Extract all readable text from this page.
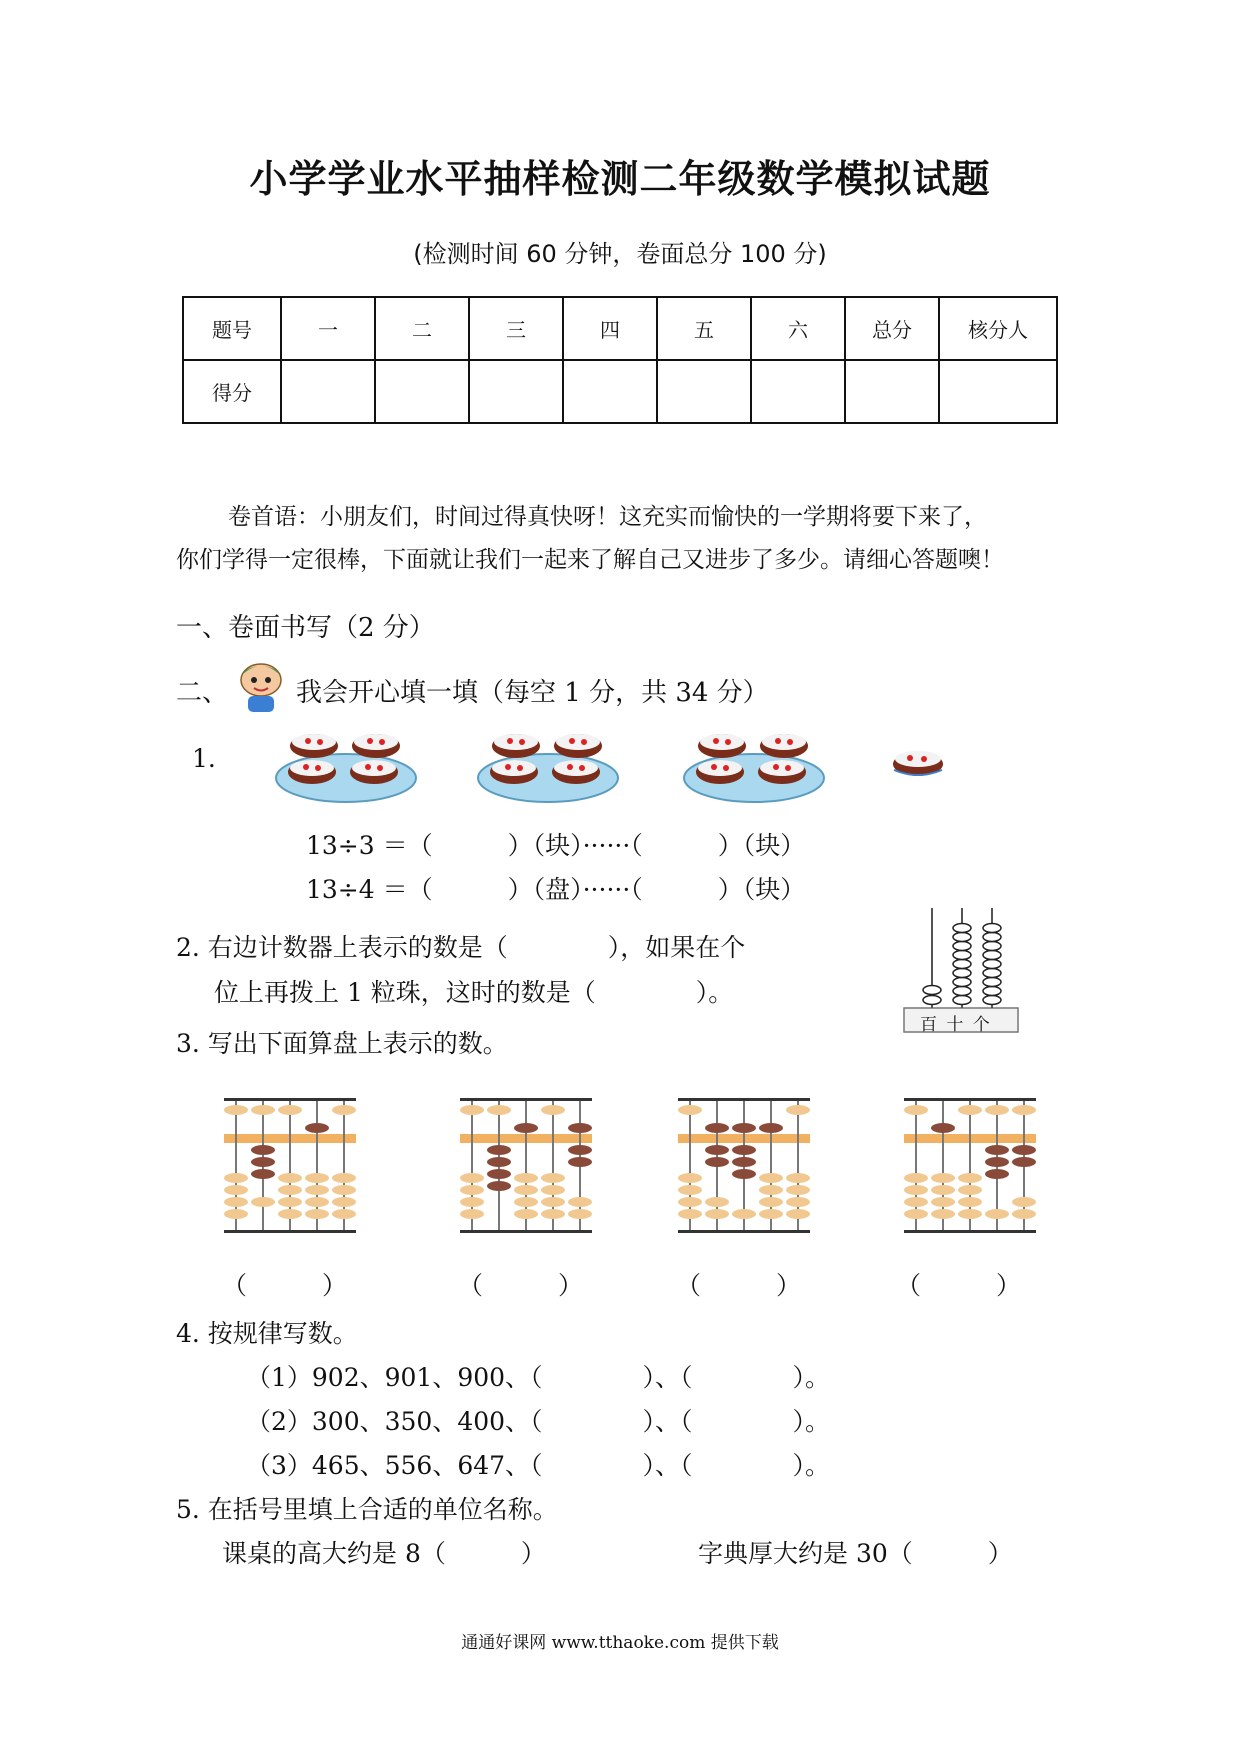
小学学业水平抽样检测二年级数学模拟试题
(检测时间 60 分钟，卷面总分 100 分)
题号	一	二	三	四	五	六	总分	核分人
得分								
卷首语：小朋友们，时间过得真快呀！这充实而愉快的一学期将要下来了，
你们学得一定很棒，下面就让我们一起来了解自己又进步了多少。请细心答题噢！
一、卷面书写（2 分）
二、	我会开心填一填（每空 1 分，共 34 分）
1.
13÷3 ＝（　　　）（块）······（　　　）（块）
13÷4 ＝（　　　）（盘）······（　　　）（块）
2. 右边计数器上表示的数是（　　　　），如果在个
位上再拨上 1 粒珠，这时的数是（　　　　）。
百 十 个
3. 写出下面算盘上表示的数。
（　　　）	（　　　）	（　　　）	（　　　）
4. 按规律写数。
（1）902、901、900、（　　　　）、（　　　　）。
（2）300、350、400、（　　　　）、（　　　　）。
（3）465、556、647、（　　　　）、（　　　　）。
5. 在括号里填上合适的单位名称。
课桌的高大约是 8（　　　）	字典厚大约是 30（　　　）
通通好课网 www.tthaoke.com 提供下载
